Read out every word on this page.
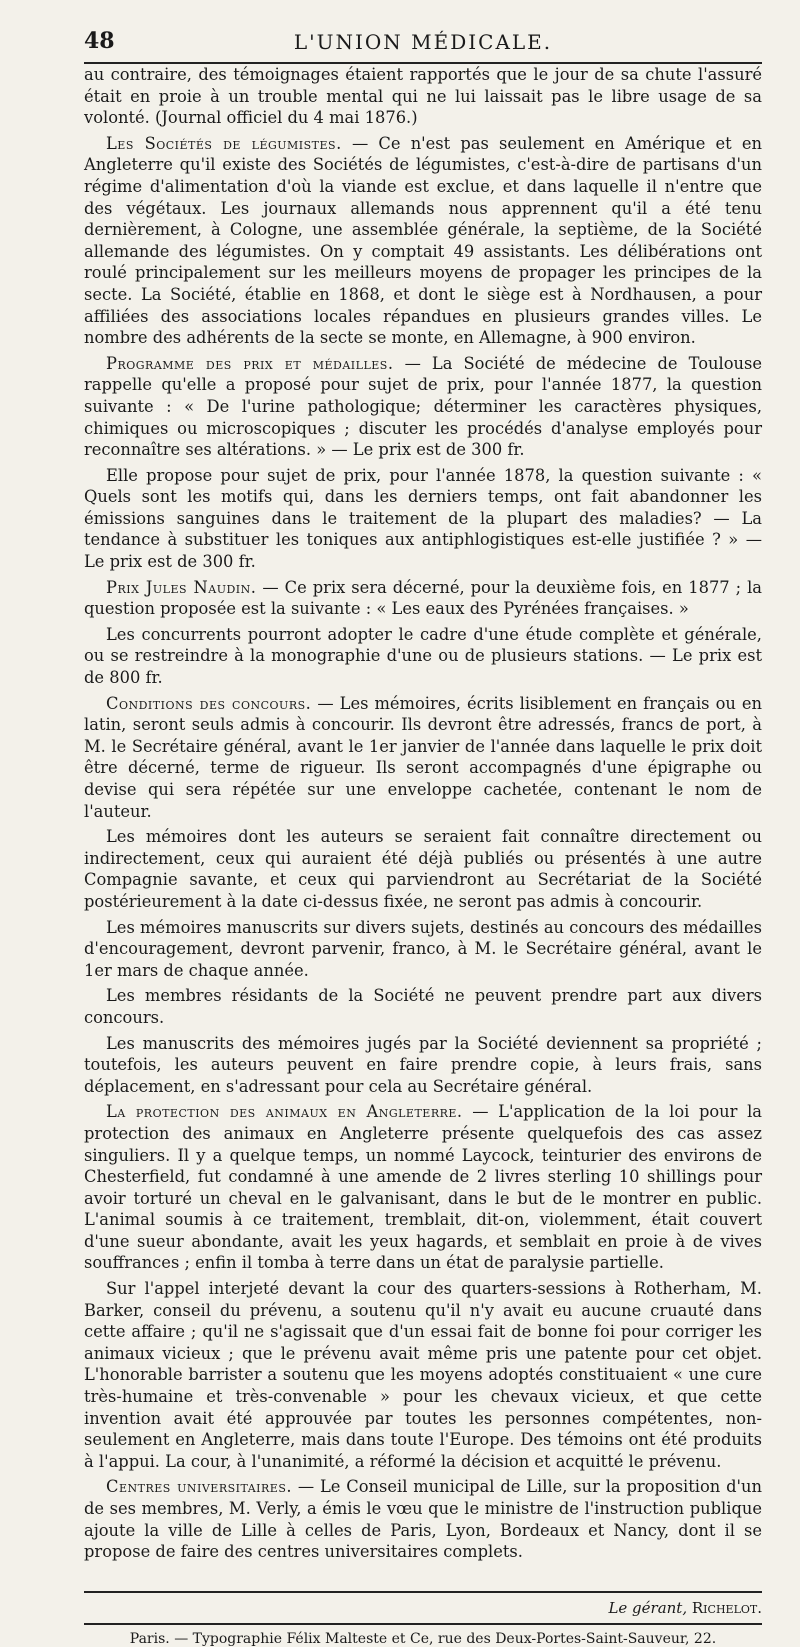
48	L'UNION MÉDICALE.

au contraire, des témoignages étaient rapportés que le jour de sa chute l'assuré était en proie à un trouble mental qui ne lui laissait pas le libre usage de sa volonté. (Journal officiel du 4 mai 1876.)

Les Sociétés de légumistes. — Ce n'est pas seulement en Amérique et en Angleterre qu'il existe des Sociétés de légumistes, c'est-à-dire de partisans d'un régime d'alimentation d'où la viande est exclue, et dans laquelle il n'entre que des végétaux. Les journaux allemands nous apprennent qu'il a été tenu dernièrement, à Cologne, une assemblée générale, la septième, de la Société allemande des légumistes. On y comptait 49 assistants. Les délibérations ont roulé principalement sur les meilleurs moyens de propager les principes de la secte. La Société, établie en 1868, et dont le siège est à Nordhausen, a pour affiliées des associations locales répandues en plusieurs grandes villes. Le nombre des adhérents de la secte se monte, en Allemagne, à 900 environ.

Programme des prix et médailles. — La Société de médecine de Toulouse rappelle qu'elle a proposé pour sujet de prix, pour l'année 1877, la question suivante : « De l'urine pathologique; déterminer les caractères physiques, chimiques ou microscopiques ; discuter les procédés d'analyse employés pour reconnaître ses altérations. » — Le prix est de 300 fr.

Elle propose pour sujet de prix, pour l'année 1878, la question suivante : « Quels sont les motifs qui, dans les derniers temps, ont fait abandonner les émissions sanguines dans le traitement de la plupart des maladies? — La tendance à substituer les toniques aux antiphlogistiques est-elle justifiée ? » — Le prix est de 300 fr.

Prix Jules Naudin. — Ce prix sera décerné, pour la deuxième fois, en 1877 ; la question proposée est la suivante : « Les eaux des Pyrénées françaises. »

Les concurrents pourront adopter le cadre d'une étude complète et générale, ou se restreindre à la monographie d'une ou de plusieurs stations. — Le prix est de 800 fr.

Conditions des concours. — Les mémoires, écrits lisiblement en français ou en latin, seront seuls admis à concourir. Ils devront être adressés, francs de port, à M. le Secrétaire général, avant le 1er janvier de l'année dans laquelle le prix doit être décerné, terme de rigueur. Ils seront accompagnés d'une épigraphe ou devise qui sera répétée sur une enveloppe cachetée, contenant le nom de l'auteur.

Les mémoires dont les auteurs se seraient fait connaître directement ou indirectement, ceux qui auraient été déjà publiés ou présentés à une autre Compagnie savante, et ceux qui parviendront au Secrétariat de la Société postérieurement à la date ci-dessus fixée, ne seront pas admis à concourir.

Les mémoires manuscrits sur divers sujets, destinés au concours des médailles d'encouragement, devront parvenir, franco, à M. le Secrétaire général, avant le 1er mars de chaque année.

Les membres résidants de la Société ne peuvent prendre part aux divers concours.

Les manuscrits des mémoires jugés par la Société deviennent sa propriété ; toutefois, les auteurs peuvent en faire prendre copie, à leurs frais, sans déplacement, en s'adressant pour cela au Secrétaire général.

La protection des animaux en Angleterre. — L'application de la loi pour la protection des animaux en Angleterre présente quelquefois des cas assez singuliers. Il y a quelque temps, un nommé Laycock, teinturier des environs de Chesterfield, fut condamné à une amende de 2 livres sterling 10 shillings pour avoir torturé un cheval en le galvanisant, dans le but de le montrer en public. L'animal soumis à ce traitement, tremblait, dit-on, violemment, était couvert d'une sueur abondante, avait les yeux hagards, et semblait en proie à de vives souffrances ; enfin il tomba à terre dans un état de paralysie partielle.

Sur l'appel interjeté devant la cour des quarters-sessions à Rotherham, M. Barker, conseil du prévenu, a soutenu qu'il n'y avait eu aucune cruauté dans cette affaire ; qu'il ne s'agissait que d'un essai fait de bonne foi pour corriger les animaux vicieux ; que le prévenu avait même pris une patente pour cet objet. L'honorable barrister a soutenu que les moyens adoptés constituaient « une cure très-humaine et très-convenable » pour les chevaux vicieux, et que cette invention avait été approuvée par toutes les personnes compétentes, non-seulement en Angleterre, mais dans toute l'Europe. Des témoins ont été produits à l'appui. La cour, à l'unanimité, a réformé la décision et acquitté le prévenu.

Centres universitaires. — Le Conseil municipal de Lille, sur la proposition d'un de ses membres, M. Verly, a émis le vœu que le ministre de l'instruction publique ajoute la ville de Lille à celles de Paris, Lyon, Bordeaux et Nancy, dont il se propose de faire des centres universitaires complets.

Le gérant, Richelot.
Paris. — Typographie Félix Malteste et Ce, rue des Deux-Portes-Saint-Sauveur, 22.
